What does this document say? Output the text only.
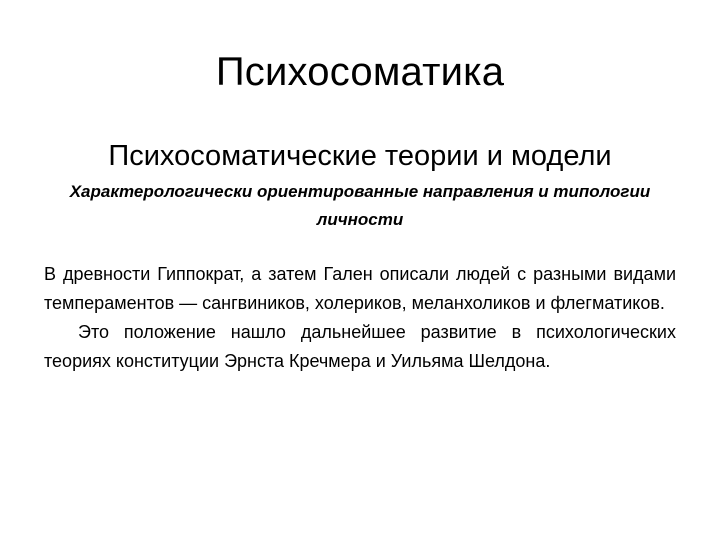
Психосоматика
Психосоматические теории и модели
Характерологически ориентированные направления и типологии личности

В древности Гиппократ, а затем Гален описали людей с разными видами темпераментов — сангвиников, холериков, меланхоликов и флегматиков.

Это положение нашло дальнейшее развитие в психологических теориях конституции Эрнста Кречмера и Уильяма Шелдона.
